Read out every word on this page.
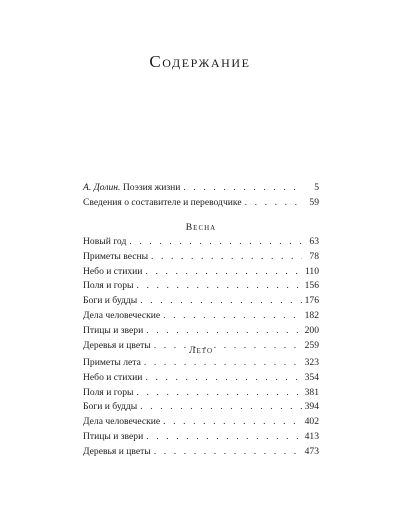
Содержание
А. Долин. Поэзия жизни . . .	5
Сведения о составителе и переводчике . . .	59
Весна
Новый год . . .	63
Приметы весны . . .	78
Небо и стихии . . .	110
Поля и горы . . .	156
Боги и будды . . .	176
Дела человеческие . . .	182
Птицы и звери . . .	200
Деревья и цветы . . .	259
Лето
Приметы лета . . .	323
Небо и стихии . . .	354
Поля и горы . . .	381
Боги и будды . . .	394
Дела человеческие . . .	402
Птицы и звери . . .	413
Деревья и цветы . . .	473
